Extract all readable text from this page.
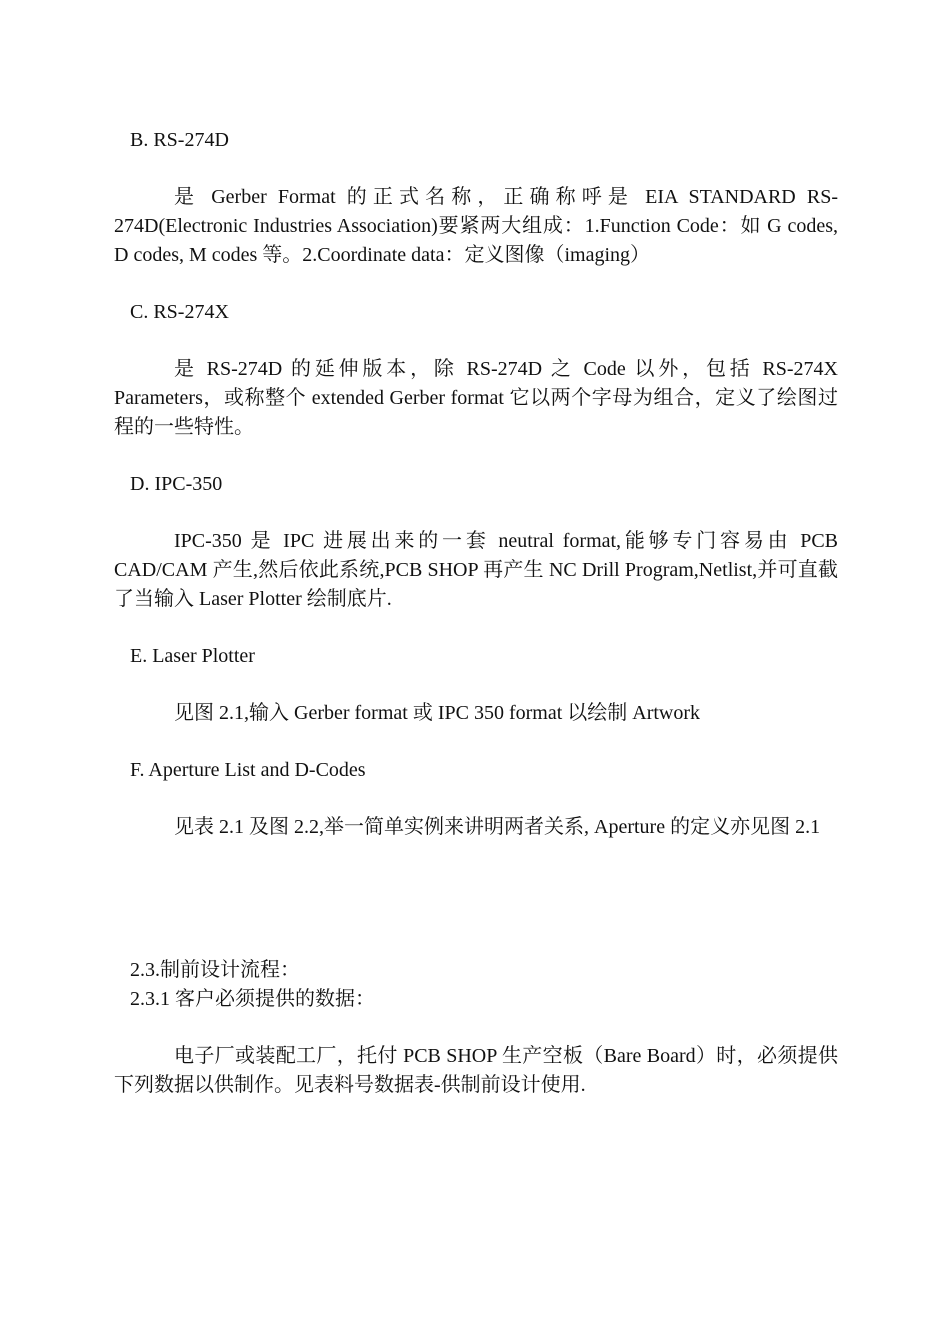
B. RS-274D

是 Gerber Format 的正式名称，正确称呼是 EIA STANDARD RS-274D(Electronic Industries Association)要紧两大组成：1.Function Code：如 G codes, D codes, M codes 等。2.Coordinate data：定义图像（imaging）

C. RS-274X

是 RS-274D 的延伸版本，除 RS-274D 之 Code 以外，包括 RS-274X Parameters，或称整个 extended Gerber format 它以两个字母为组合，定义了绘图过程的一些特性。

D. IPC-350

IPC-350 是 IPC 进展出来的一套 neutral format,能够专门容易由 PCB CAD/CAM 产生,然后依此系统,PCB SHOP 再产生 NC Drill Program,Netlist,并可直截了当输入 Laser Plotter 绘制底片.

E. Laser Plotter

见图 2.1,输入 Gerber format 或 IPC 350 format 以绘制 Artwork

F. Aperture List and D-Codes

见表 2.1 及图 2.2,举一简单实例来讲明两者关系, Aperture 的定义亦见图 2.1

2.3.制前设计流程：

2.3.1 客户必须提供的数据：

电子厂或装配工厂，托付 PCB SHOP 生产空板（Bare Board）时，必须提供下列数据以供制作。见表料号数据表-供制前设计使用.
